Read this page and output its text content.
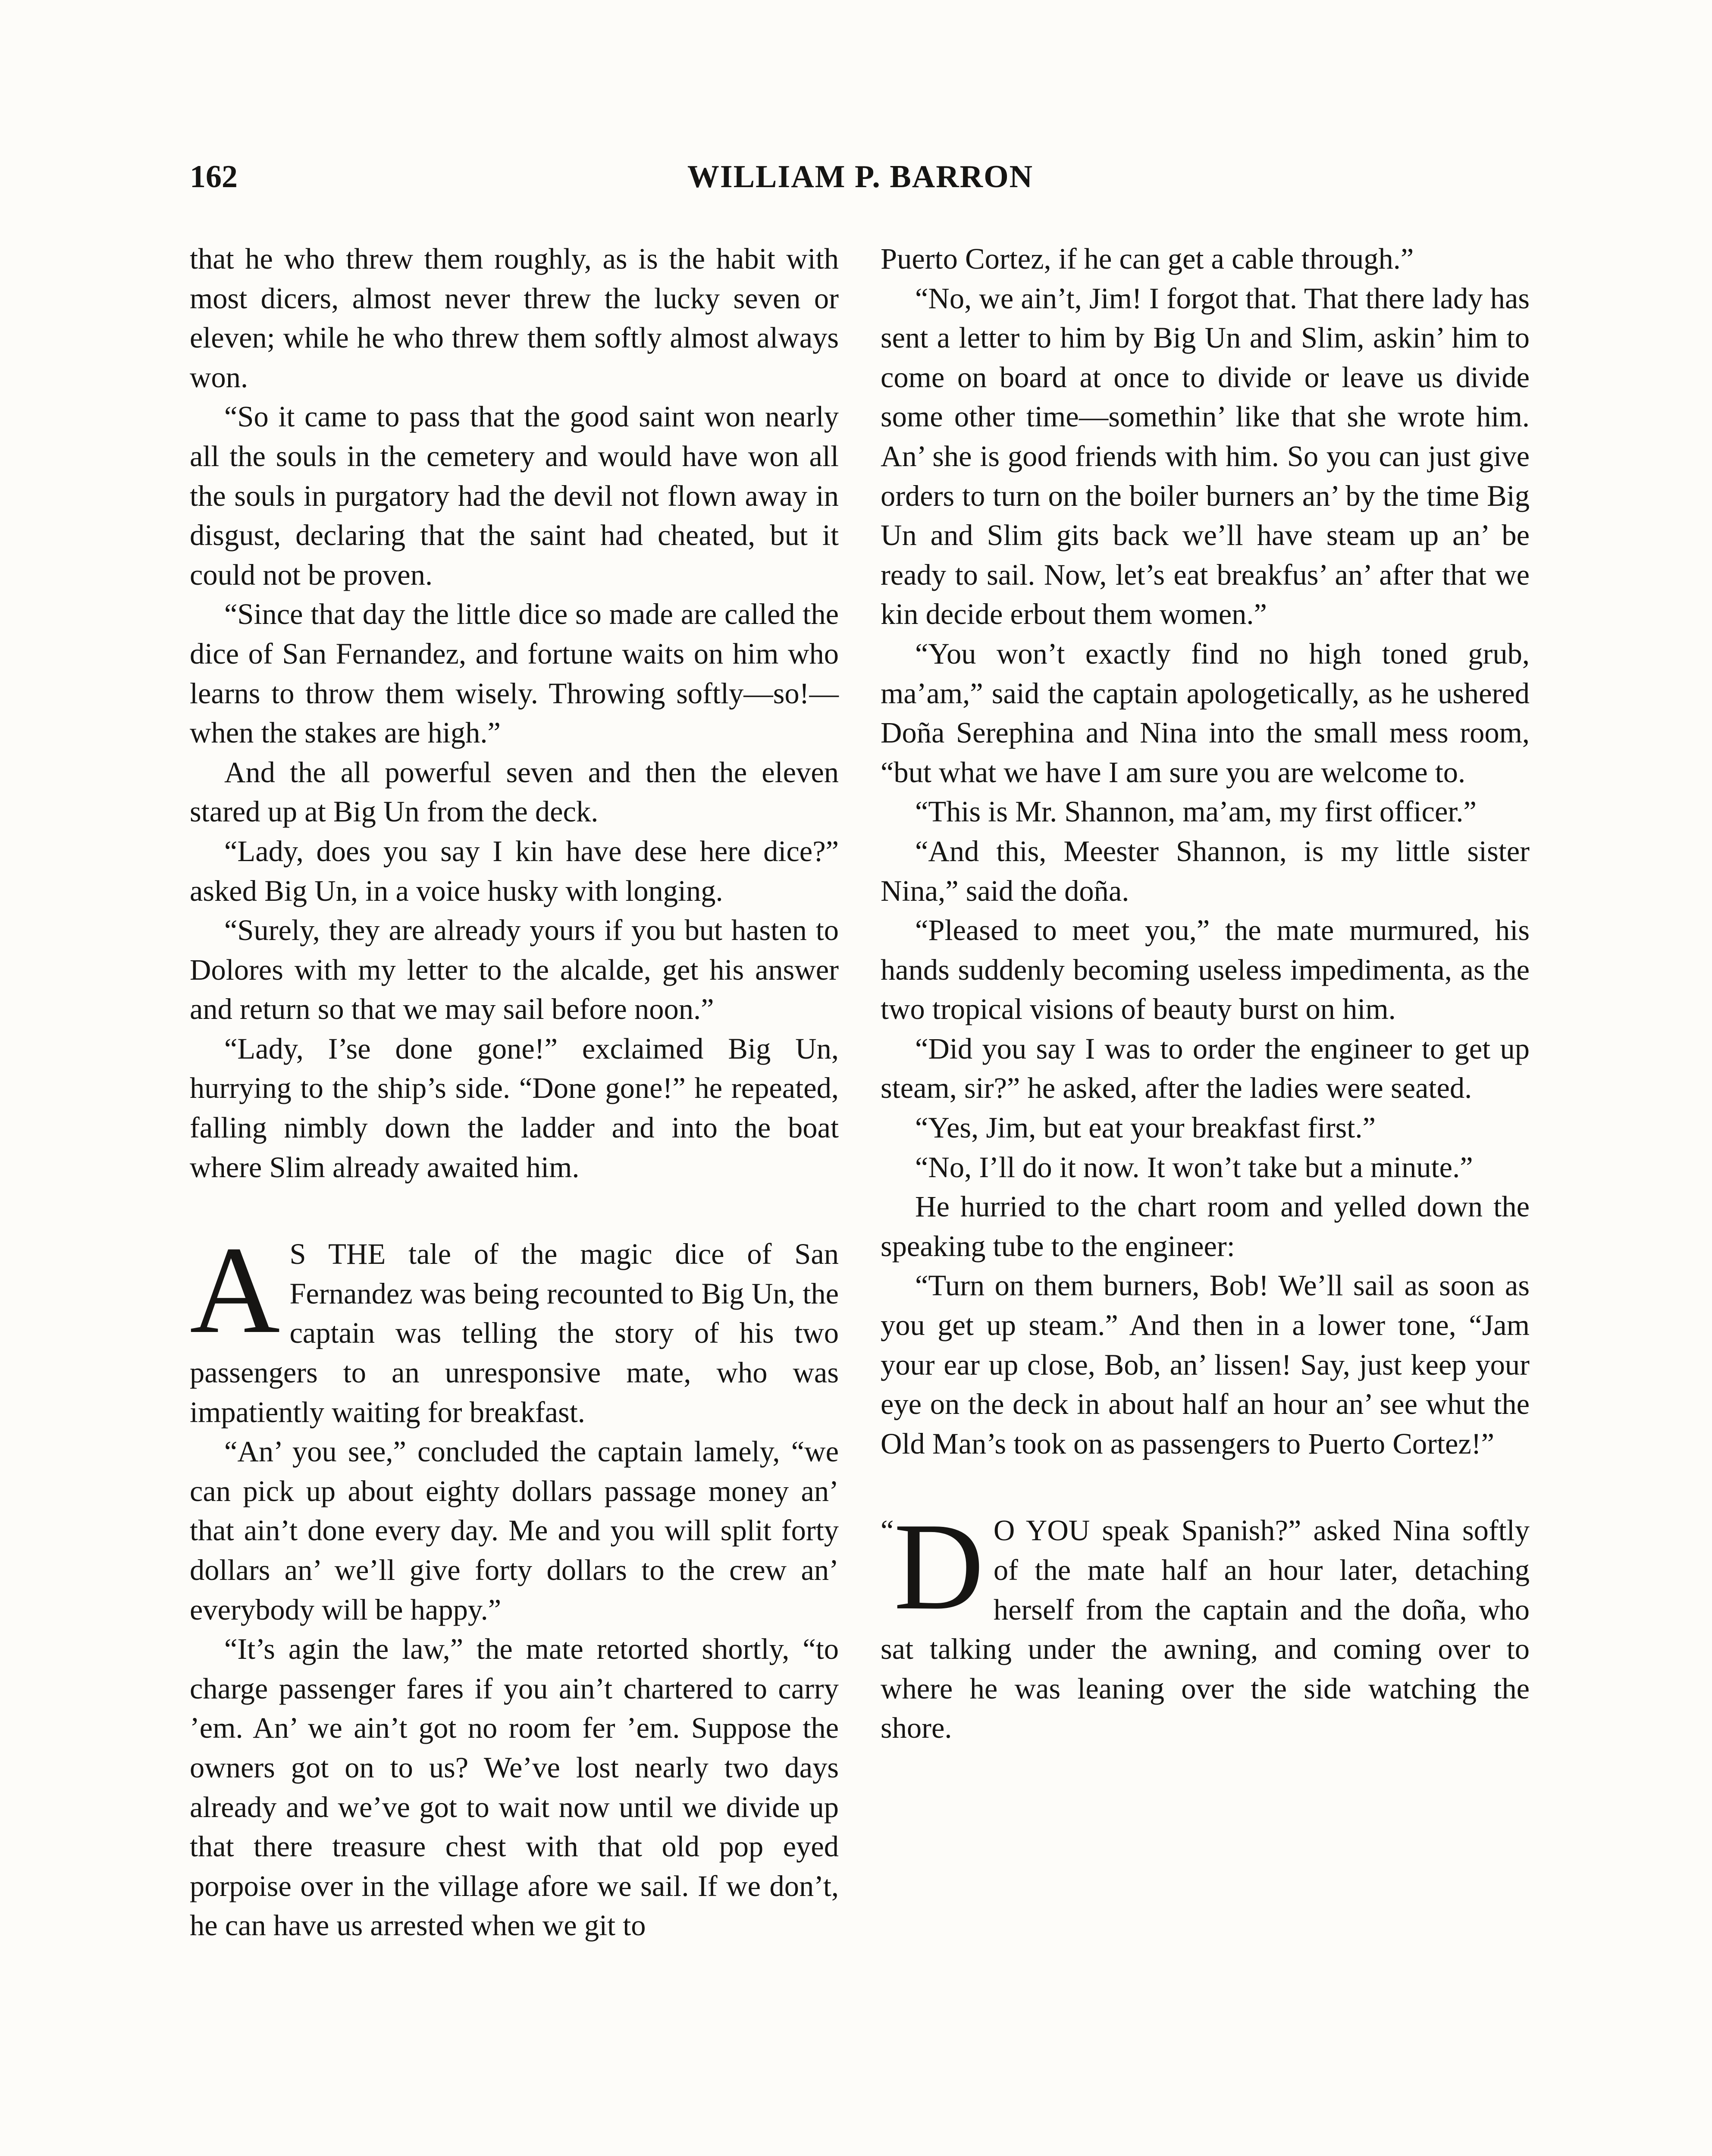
162	WILLIAM P. BARRON

that he who threw them roughly, as is the habit with most dicers, almost never threw the lucky seven or eleven; while he who threw them softly almost always won.

“So it came to pass that the good saint won nearly all the souls in the cemetery and would have won all the souls in purgatory had the devil not flown away in disgust, declaring that the saint had cheated, but it could not be proven.

“Since that day the little dice so made are called the dice of San Fernandez, and fortune waits on him who learns to throw them wisely. Throwing softly—so!— when the stakes are high.”

And the all powerful seven and then the eleven stared up at Big Un from the deck.

“Lady, does you say I kin have dese here dice?” asked Big Un, in a voice husky with longing.

“Surely, they are already yours if you but hasten to Dolores with my letter to the alcalde, get his answer and return so that we may sail before noon.”

“Lady, I’se done gone!” exclaimed Big Un, hurrying to the ship’s side. “Done gone!” he repeated, falling nimbly down the ladder and into the boat where Slim already awaited him.

A S THE tale of the magic dice of San Fernandez was being recounted to Big Un, the captain was telling the story of his two passengers to an unresponsive mate, who was impatiently waiting for breakfast.

“An’ you see,” concluded the captain lamely, “we can pick up about eighty dollars passage money an’ that ain’t done every day. Me and you will split forty dollars an’ we’ll give forty dollars to the crew an’ everybody will be happy.”

“It’s agin the law,” the mate retorted shortly, “to charge passenger fares if you ain’t chartered to carry ’em. An’ we ain’t got no room fer ’em. Suppose the owners got on to us? We’ve lost nearly two days already and we’ve got to wait now until we divide up that there treasure chest with that old pop eyed porpoise over in the village afore we sail. If we don’t, he can have us arrested when we git to

Puerto Cortez, if he can get a cable through.”

“No, we ain’t, Jim! I forgot that. That there lady has sent a letter to him by Big Un and Slim, askin’ him to come on board at once to divide or leave us divide some other time—somethin’ like that she wrote him. An’ she is good friends with him. So you can just give orders to turn on the boiler burners an’ by the time Big Un and Slim gits back we’ll have steam up an’ be ready to sail. Now, let’s eat breakfus’ an’ after that we kin decide erbout them women.”

“You won’t exactly find no high toned grub, ma’am,” said the captain apologetically, as he ushered Doña Serephina and Nina into the small mess room, “but what we have I am sure you are welcome to.

“This is Mr. Shannon, ma’am, my first officer.”

“And this, Meester Shannon, is my little sister Nina,” said the doña.

“Pleased to meet you,” the mate murmured, his hands suddenly becoming useless impedimenta, as the two tropical visions of beauty burst on him.

“Did you say I was to order the engineer to get up steam, sir?” he asked, after the ladies were seated.

“Yes, Jim, but eat your breakfast first.”

“No, I’ll do it now. It won’t take but a minute.”

He hurried to the chart room and yelled down the speaking tube to the engineer:

“Turn on them burners, Bob! We’ll sail as soon as you get up steam.” And then in a lower tone, “Jam your ear up close, Bob, an’ lissen! Say, just keep your eye on the deck in about half an hour an’ see whut the Old Man’s took on as passengers to Puerto Cortez!”

“ D O YOU speak Spanish?” asked Nina softly of the mate half an hour later, detaching herself from the captain and the doña, who sat talking under the awning, and coming over to where he was leaning over the side watching the shore.
